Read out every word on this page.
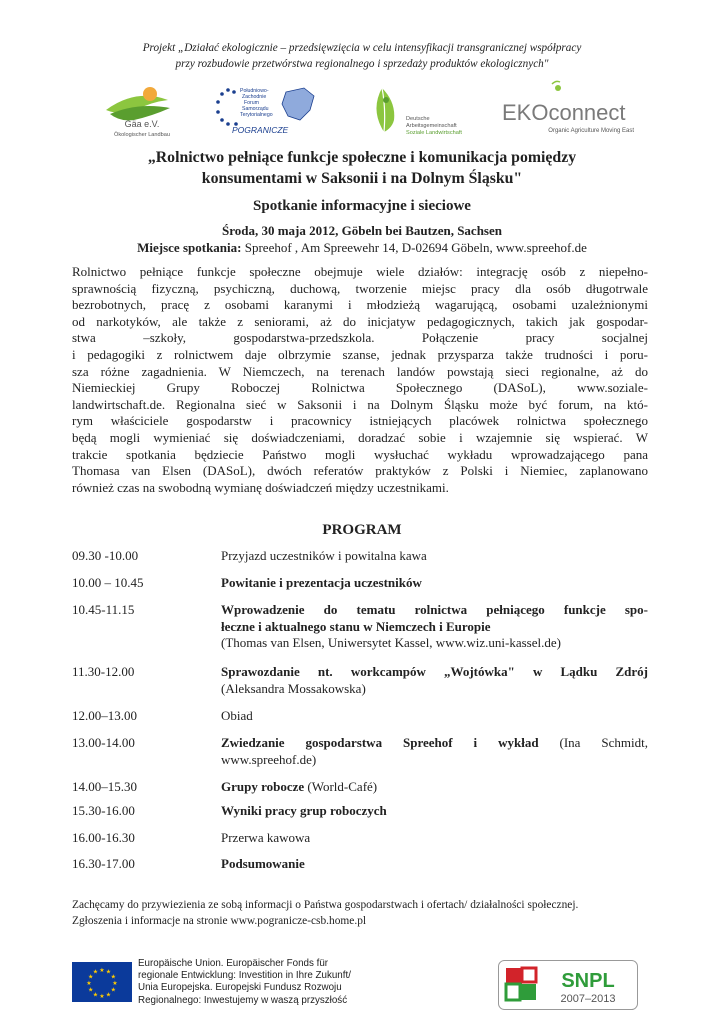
Projekt „Działać ekologicznie – przedsięwzięcia w celu intensyfikacji transgranicznej współpracy
przy rozbudowie przetwórstwa regionalnego i sprzedaży produktów ekologicznych"
Gäa e.V.
Ökologischer Landbau
Południowo-
Zachodnie
Forum
Samorządu
Terytorialnego
POGRANICZE
Deutsche
Arbeitsgemeinschaft
Soziale Landwirtschaft
EKOconnect
Organic Agriculture Moving East
„Rolnictwo pełniące funkcje społeczne i komunikacja pomiędzy
konsumentami w Saksonii i na Dolnym Śląsku"
Spotkanie informacyjne i sieciowe
Środa, 30 maja 2012, Göbeln bei Bautzen, Sachsen
Miejsce spotkania: Spreehof , Am Spreewehr 14, D-02694 Göbeln, www.spreehof.de
Rolnictwo pełniące funkcje społeczne obejmuje wiele działów: integrację osób z niepełno-
sprawnością fizyczną, psychiczną, duchową, tworzenie miejsc pracy dla osób długotrwale
bezrobotnych, pracę z osobami karanymi i młodzieżą wagarującą, osobami uzależnionymi
od narkotyków, ale także z seniorami, aż do inicjatyw pedagogicznych, takich jak gospodar-
stwa –szkoły, gospodarstwa-przedszkola. Połączenie pracy socjalnej
i pedagogiki z rolnictwem daje olbrzymie szanse, jednak przysparza także trudności i poru-
sza różne zagadnienia. W Niemczech, na terenach landów powstają sieci regionalne, aż do
Niemieckiej Grupy Roboczej Rolnictwa Społecznego (DASoL), www.soziale-
landwirtschaft.de. Regionalna sieć w Saksonii i na Dolnym Śląsku może być forum, na któ-
rym właściciele gospodarstw i pracownicy istniejących placówek rolnictwa społecznego
będą mogli wymieniać się doświadczeniami, doradzać sobie i wzajemnie się wspierać. W
trakcie spotkania będziecie Państwo mogli wysłuchać wykładu wprowadzającego pana
Thomasa van Elsen (DASoL), dwóch referatów praktyków z Polski i Niemiec, zaplanowano
również czas na swobodną wymianę doświadczeń między uczestnikami.
PROGRAM
09.30 -10.00	Przyjazd uczestników i powitalna kawa
10.00 – 10.45	Powitanie i prezentacja uczestników
10.45-11.15	Wprowadzenie do tematu rolnictwa pełniącego funkcje spo-
łeczne i aktualnego stanu w Niemczech i Europie
(Thomas van Elsen, Uniwersytet Kassel, www.wiz.uni-kassel.de)
11.30-12.00	Sprawozdanie nt. workcampów „Wojtówka" w Lądku Zdrój
(Aleksandra Mossakowska)
12.00–13.00	Obiad
13.00-14.00	Zwiedzanie gospodarstwa Spreehof i wykład (Ina Schmidt,
www.spreehof.de)
14.00–15.30	Grupy robocze (World-Café)
15.30-16.00	Wyniki pracy grup roboczych
16.00-16.30	Przerwa kawowa
16.30-17.00	Podsumowanie
Zachęcamy do przywiezienia ze sobą informacji o Państwa gospodarstwach i ofertach/ działalności społecznej.
Zgłoszenia i informacje na stronie www.pogranicze-csb.home.pl
★ ★
★
★
★
★
★
★
★
★
★
★
Europäische Union. Europäischer Fonds für
regionale Entwicklung: Investition in Ihre Zukunft/
Unia Europejska. Europejski Fundusz Rozwoju
Regionalnego: Inwestujemy w waszą przyszłość
SNPL
2007–2013
